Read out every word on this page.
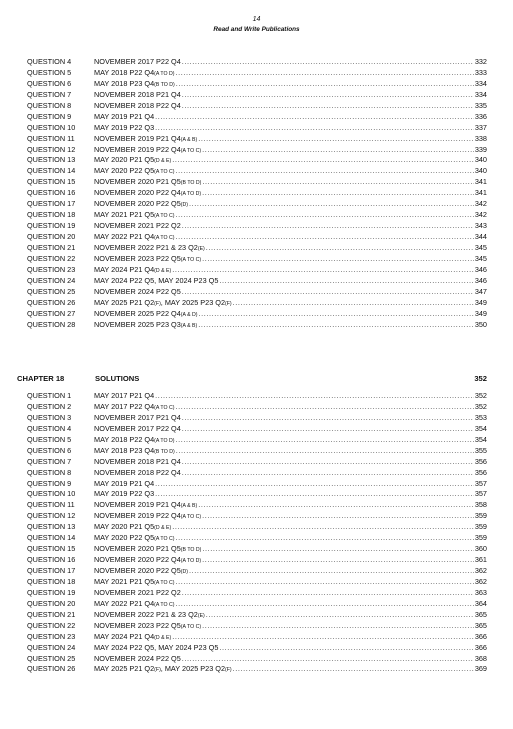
14
Read and Write Publications
QUESTION 4	NOVEMBER 2017 P22 Q4 .....	332
QUESTION 5	MAY 2018 P22 Q4 (A TO D) .....	333
QUESTION 6	MAY 2018 P23 Q4 (B TO D) .....	334
QUESTION 7	NOVEMBER 2018 P21 Q4 .....	334
QUESTION 8	NOVEMBER 2018 P22 Q4 .....	335
QUESTION 9	MAY 2019 P21 Q4 .....	336
QUESTION 10	MAY 2019 P22 Q3 .....	337
QUESTION 11	NOVEMBER 2019 P21 Q4 (A & B) .....	338
QUESTION 12	NOVEMBER 2019 P22 Q4 (A TO C) .....	339
QUESTION 13	MAY 2020 P21 Q5 (D & E) .....	340
QUESTION 14	MAY 2020 P22 Q5 (A TO C) .....	340
QUESTION 15	NOVEMBER 2020 P21 Q5 (B TO D) .....	341
QUESTION 16	NOVEMBER 2020 P22 Q4 (A TO D) .....	341
QUESTION 17	NOVEMBER 2020 P22 Q5 (D) .....	342
QUESTION 18	MAY 2021 P21 Q5 (A TO C) .....	342
QUESTION 19	NOVEMBER 2021 P22 Q2 .....	343
QUESTION 20	MAY 2022 P21 Q4 (A TO C) .....	344
QUESTION 21	NOVEMBER 2022 P21 & 23 Q2 (E) .....	345
QUESTION 22	NOVEMBER 2023 P22 Q5 (A TO C) .....	345
QUESTION 23	MAY 2024 P21 Q4 (D & E) .....	346
QUESTION 24	MAY 2024 P22 Q5, MAY 2024 P23 Q5 .....	346
QUESTION 25	NOVEMBER 2024 P22 Q5 .....	347
QUESTION 26	MAY 2025 P21 Q2 (F) , MAY 2025 P23 Q2 (F) .....	349
QUESTION 27	NOVEMBER 2025 P22 Q4 (A & D) .....	349
QUESTION 28	NOVEMBER 2025 P23 Q3 (A & B) .....	350
CHAPTER 18	SOLUTIONS	352
QUESTION 1	MAY 2017 P21 Q4 .....	352
QUESTION 2	MAY 2017 P22 Q4 (A TO C) .....	352
QUESTION 3	NOVEMBER 2017 P21 Q4 .....	353
QUESTION 4	NOVEMBER 2017 P22 Q4 .....	354
QUESTION 5	MAY 2018 P22 Q4 (A TO D) .....	354
QUESTION 6	MAY 2018 P23 Q4 (B TO D) .....	355
QUESTION 7	NOVEMBER 2018 P21 Q4 .....	356
QUESTION 8	NOVEMBER 2018 P22 Q4 .....	356
QUESTION 9	MAY 2019 P21 Q4 .....	357
QUESTION 10	MAY 2019 P22 Q3 .....	357
QUESTION 11	NOVEMBER 2019 P21 Q4 (A & B) .....	358
QUESTION 12	NOVEMBER 2019 P22 Q4 (A TO C) .....	359
QUESTION 13	MAY 2020 P21 Q5 (D & E) .....	359
QUESTION 14	MAY 2020 P22 Q5 (A TO C) .....	359
QUESTION 15	NOVEMBER 2020 P21 Q5 (B TO D) .....	360
QUESTION 16	NOVEMBER 2020 P22 Q4 (A TO D) .....	361
QUESTION 17	NOVEMBER 2020 P22 Q5 (D) .....	362
QUESTION 18	MAY 2021 P21 Q5 (A TO C) .....	362
QUESTION 19	NOVEMBER 2021 P22 Q2 .....	363
QUESTION 20	MAY 2022 P21 Q4 (A TO C) .....	364
QUESTION 21	NOVEMBER 2022 P21 & 23 Q2 (E) .....	365
QUESTION 22	NOVEMBER 2023 P22 Q5 (A TO C) .....	365
QUESTION 23	MAY 2024 P21 Q4 (D & E) .....	366
QUESTION 24	MAY 2024 P22 Q5, MAY 2024 P23 Q5 .....	366
QUESTION 25	NOVEMBER 2024 P22 Q5 .....	368
QUESTION 26	MAY 2025 P21 Q2 (F) , MAY 2025 P23 Q2 (F) .....	369
